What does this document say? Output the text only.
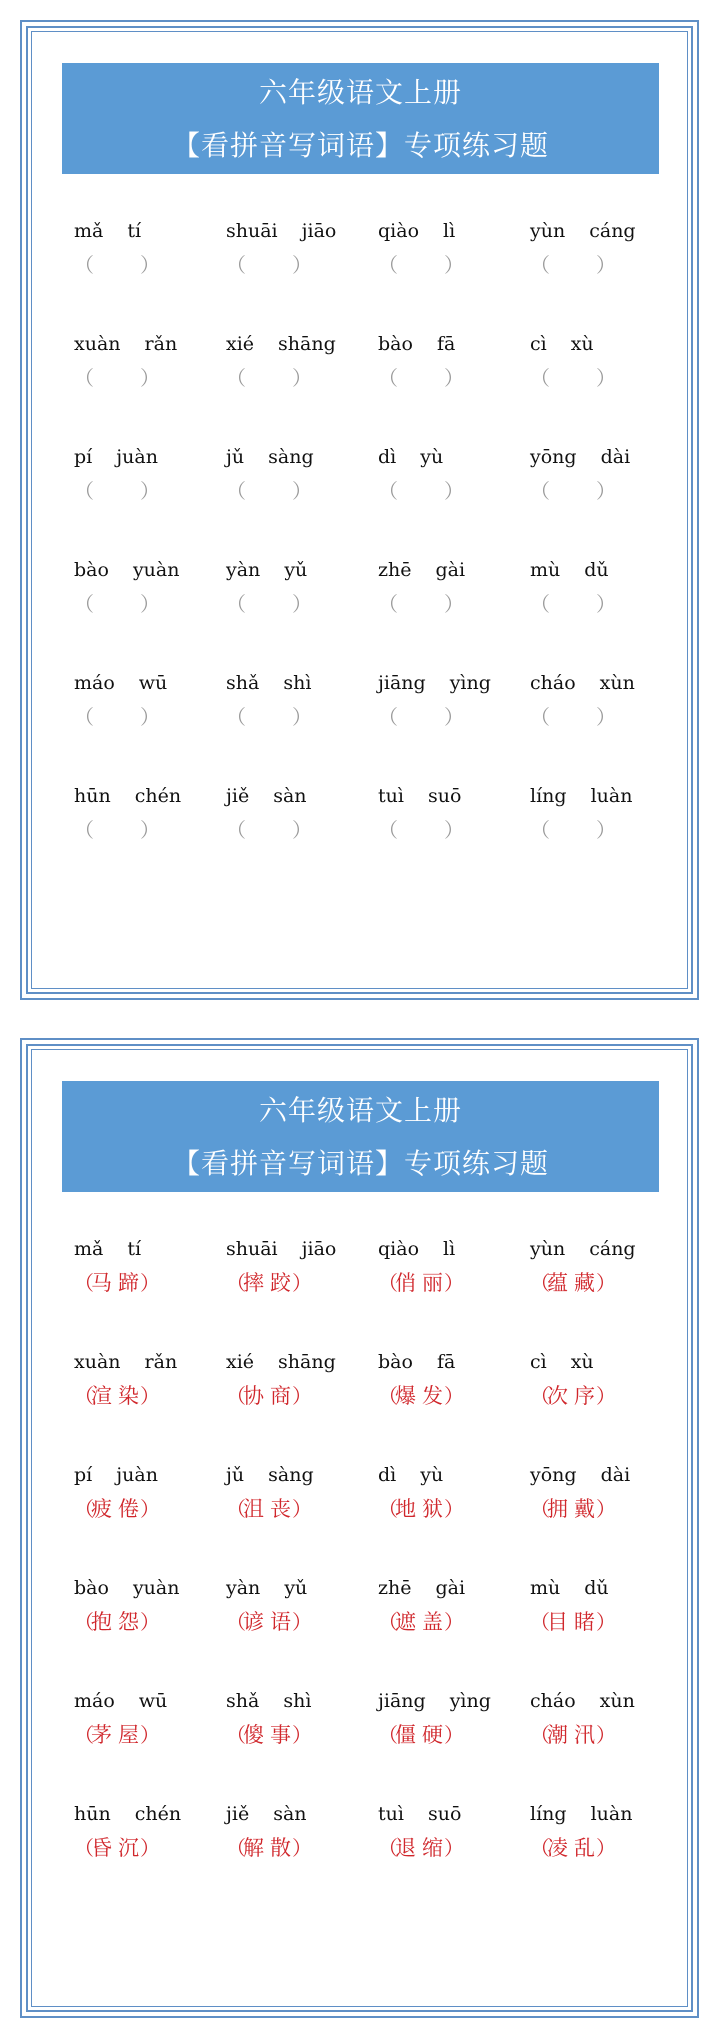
六年级语文上册
【看拼音写词语】专项练习题
mǎ tí
（ ）
shuāi jiāo
（ ）
qiào lì
（ ）
yùn cáng
（ ）
xuàn rǎn
（ ）
xié shāng
（ ）
bào fā
（ ）
cì xù
（ ）
pí juàn
（ ）
jǔ sàng
（ ）
dì yù
（ ）
yōng dài
（ ）
bào yuàn
（ ）
yàn yǔ
（ ）
zhē gài
（ ）
mù dǔ
（ ）
máo wū
（ ）
shǎ shì
（ ）
jiāng yìng
（ ）
cháo xùn
（ ）
hūn chén
（ ）
jiě sàn
（ ）
tuì suō
（ ）
líng luàn
（ ）
六年级语文上册
【看拼音写词语】专项练习题
mǎ tí
（
马蹄
）
shuāi jiāo
（
摔跤
）
qiào lì
（
俏丽
）
yùn cáng
（
蕴藏
）
xuàn rǎn
（
渲染
）
xié shāng
（
协商
）
bào fā
（
爆发
）
cì xù
（
次序
）
pí juàn
（
疲倦
）
jǔ sàng
（
沮丧
）
dì yù
（
地狱
）
yōng dài
（
拥戴
）
bào yuàn
（
抱怨
）
yàn yǔ
（
谚语
）
zhē gài
（
遮盖
）
mù dǔ
（
目睹
）
máo wū
（
茅屋
）
shǎ shì
（
傻事
）
jiāng yìng
（
僵硬
）
cháo xùn
（
潮汛
）
hūn chén
（
昏沉
）
jiě sàn
（
解散
）
tuì suō
（
退缩
）
líng luàn
（
凌乱
）
